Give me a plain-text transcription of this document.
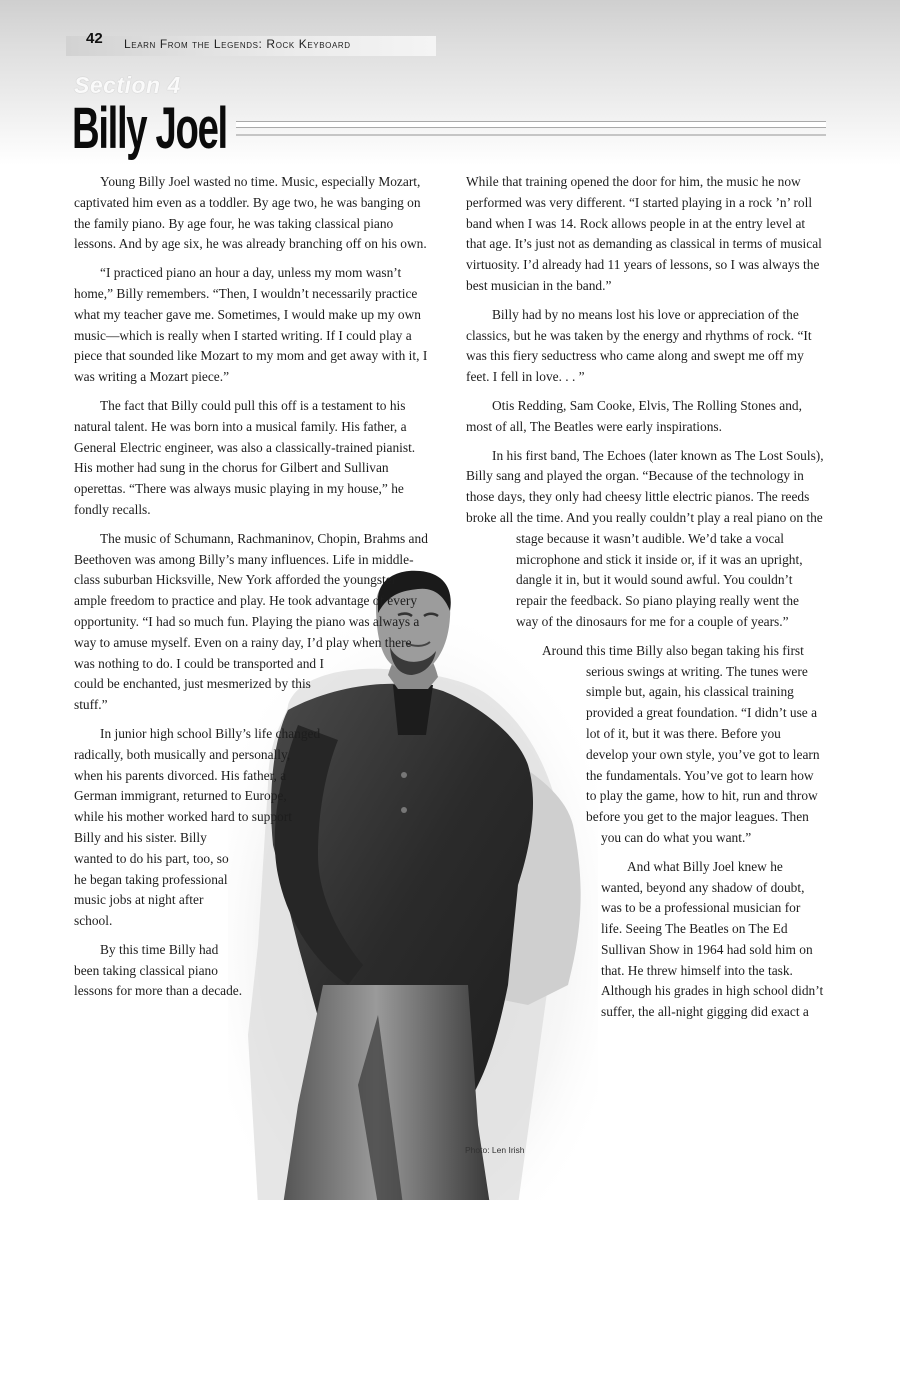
42 Learn From the Legends: Rock Keyboard
Section 4
Billy Joel

Young Billy Joel wasted no time. Music, especially Mozart, captivated him even as a toddler. By age two, he was banging on the family piano. By age four, he was taking classical piano lessons. And by age six, he was already branching off on his own.

“I practiced piano an hour a day, unless my mom wasn’t home,” Billy remembers. “Then, I wouldn’t necessarily practice what my teacher gave me. Sometimes, I would make up my own music—which is really when I started writing. If I could play a piece that sounded like Mozart to my mom and get away with it, I was writing a Mozart piece.”

The fact that Billy could pull this off is a testament to his natural talent. He was born into a musical family. His father, a General Electric engineer, was also a classically-trained pianist. His mother had sung in the chorus for Gilbert and Sullivan operettas. “There was always music playing in my house,” he fondly recalls.

The music of Schumann, Rachmaninov, Chopin, Brahms and Beethoven was among Billy’s many influences. Life in middle-class suburban Hicksville, New York afforded the youngster ample freedom to practice and play. He took advantage of every opportunity. “I had so much fun. Playing the piano was always a way to amuse myself. Even on a rainy day, I’d play when there was nothing to do. I could be transported and I could be enchanted, just mesmerized by this stuff.”

In junior high school Billy’s life changed radically, both musically and personally, when his parents divorced. His father, a German immigrant, returned to Europe, while his mother worked hard to support Billy and his sister. Billy wanted to do his part, too, so he began taking professional music jobs at night after school.

By this time Billy had been taking classical piano lessons for more than a decade.

While that training opened the door for him, the music he now performed was very different. “I started playing in a rock ’n’ roll band when I was 14. Rock allows people in at the entry level at that age. It’s just not as demanding as classical in terms of musical virtuosity. I’d already had 11 years of lessons, so I was always the best musician in the band.”

Billy had by no means lost his love or appreciation of the classics, but he was taken by the energy and rhythms of rock. “It was this fiery seductress who came along and swept me off my feet. I fell in love. . . ”

Otis Redding, Sam Cooke, Elvis, The Rolling Stones and, most of all, The Beatles were early inspirations.

In his first band, The Echoes (later known as The Lost Souls), Billy sang and played the organ. “Because of the technology in those days, they only had cheesy little electric pianos. The reeds broke all the time. And you really couldn’t play a real piano on the stage because it wasn’t audible. We’d take a vocal microphone and stick it inside or, if it was an upright, dangle it in, but it would sound awful. You couldn’t repair the feedback. So piano playing really went the way of the dinosaurs for me for a couple of years.”

Around this time Billy also began taking his first serious swings at writing. The tunes were simple but, again, his classical training provided a great foundation. “I didn’t use a lot of it, but it was there. Before you develop your own style, you’ve got to learn the fundamentals. You’ve got to learn how to play the game, how to hit, run and throw before you get to the major leagues. Then you can do what you want.”

And what Billy Joel knew he wanted, beyond any shadow of doubt, was to be a professional musician for life. Seeing The Beatles on The Ed Sullivan Show in 1964 had sold him on that. He threw himself into the task. Although his grades in high school didn’t suffer, the all-night gigging did exact a

Photo: Len Irish
